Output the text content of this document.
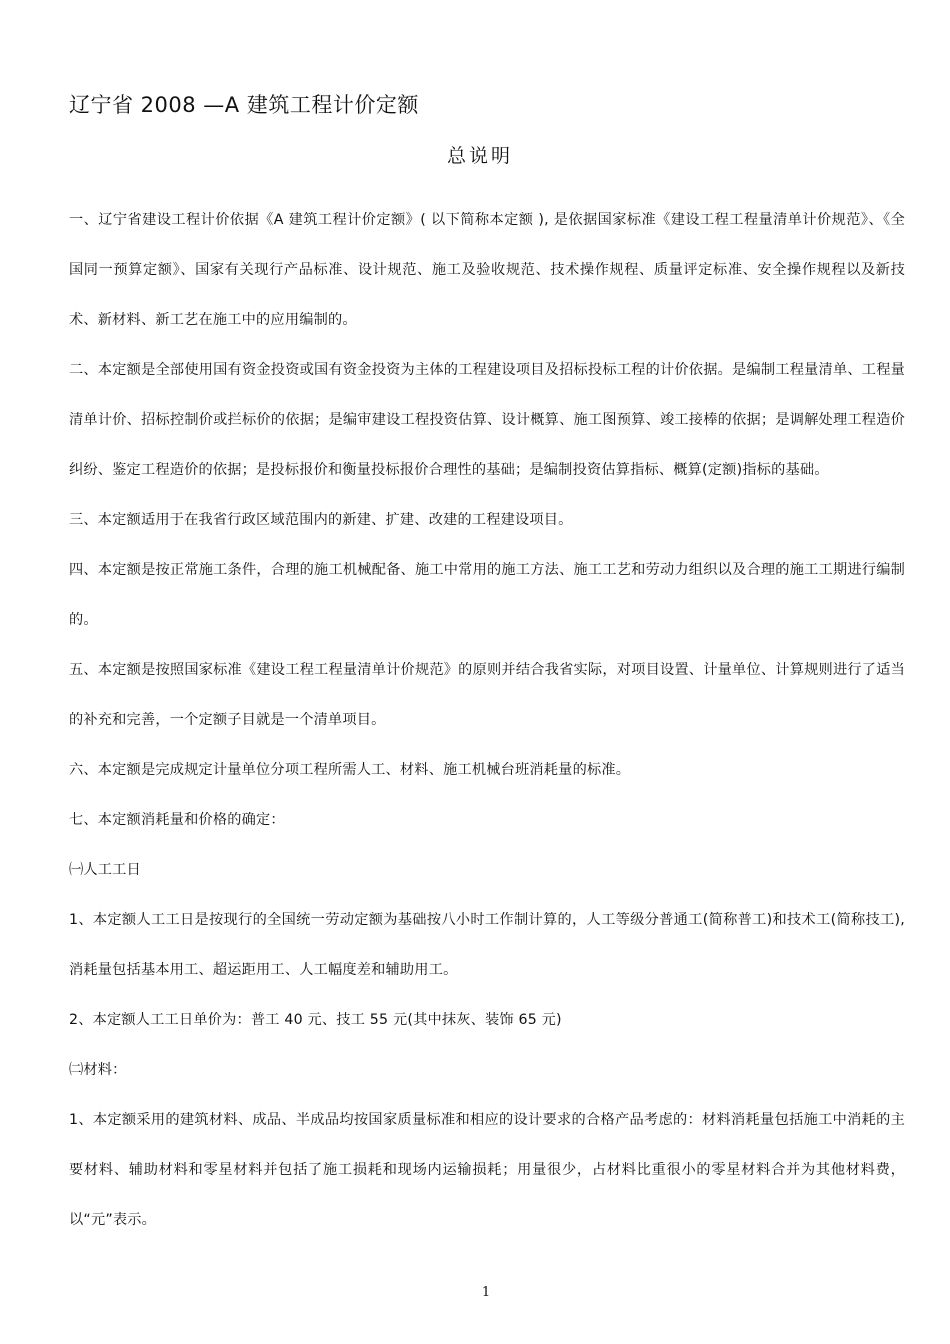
辽宁省 2008 —A 建筑工程计价定额
总说明

一、辽宁省建设工程计价依据《A 建筑工程计价定额》( 以下简称本定额 ), 是依据国家标准《建设工程工程量清单计价规范》、《全国同一预算定额》、国家有关现行产品标准、设计规范、施工及验收规范、技术操作规程、质量评定标准、安全操作规程以及新技术、新材料、新工艺在施工中的应用编制的。

二、本定额是全部使用国有资金投资或国有资金投资为主体的工程建设项目及招标投标工程的计价依据。是编制工程量清单、工程量清单计价、招标控制价或拦标价的依据；是编审建设工程投资估算、设计概算、施工图预算、竣工接棒的依据；是调解处理工程造价纠纷、鉴定工程造价的依据；是投标报价和衡量投标报价合理性的基础；是编制投资估算指标、概算(定额)指标的基础。

三、本定额适用于在我省行政区域范围内的新建、扩建、改建的工程建设项目。

四、本定额是按正常施工条件，合理的施工机械配备、施工中常用的施工方法、施工工艺和劳动力组织以及合理的施工工期进行编制的。

五、本定额是按照国家标准《建设工程工程量清单计价规范》的原则并结合我省实际，对项目设置、计量单位、计算规则进行了适当的补充和完善，一个定额子目就是一个清单项目。

六、本定额是完成规定计量单位分项工程所需人工、材料、施工机械台班消耗量的标准。

七、本定额消耗量和价格的确定：

㈠人工工日

1、本定额人工工日是按现行的全国统一劳动定额为基础按八小时工作制计算的，人工等级分普通工(简称普工)和技术工(简称技工), 消耗量包括基本用工、超运距用工、人工幅度差和辅助用工。

2、本定额人工工日单价为：普工 40 元、技工 55 元(其中抹灰、装饰 65 元)

㈡材料：

1、本定额采用的建筑材料、成品、半成品均按国家质量标准和相应的设计要求的合格产品考虑的：材料消耗量包括施工中消耗的主要材料、辅助材料和零星材料并包括了施工损耗和现场内运输损耗；用量很少，占材料比重很小的零星材料合并为其他材料费，以“元”表示。

1
